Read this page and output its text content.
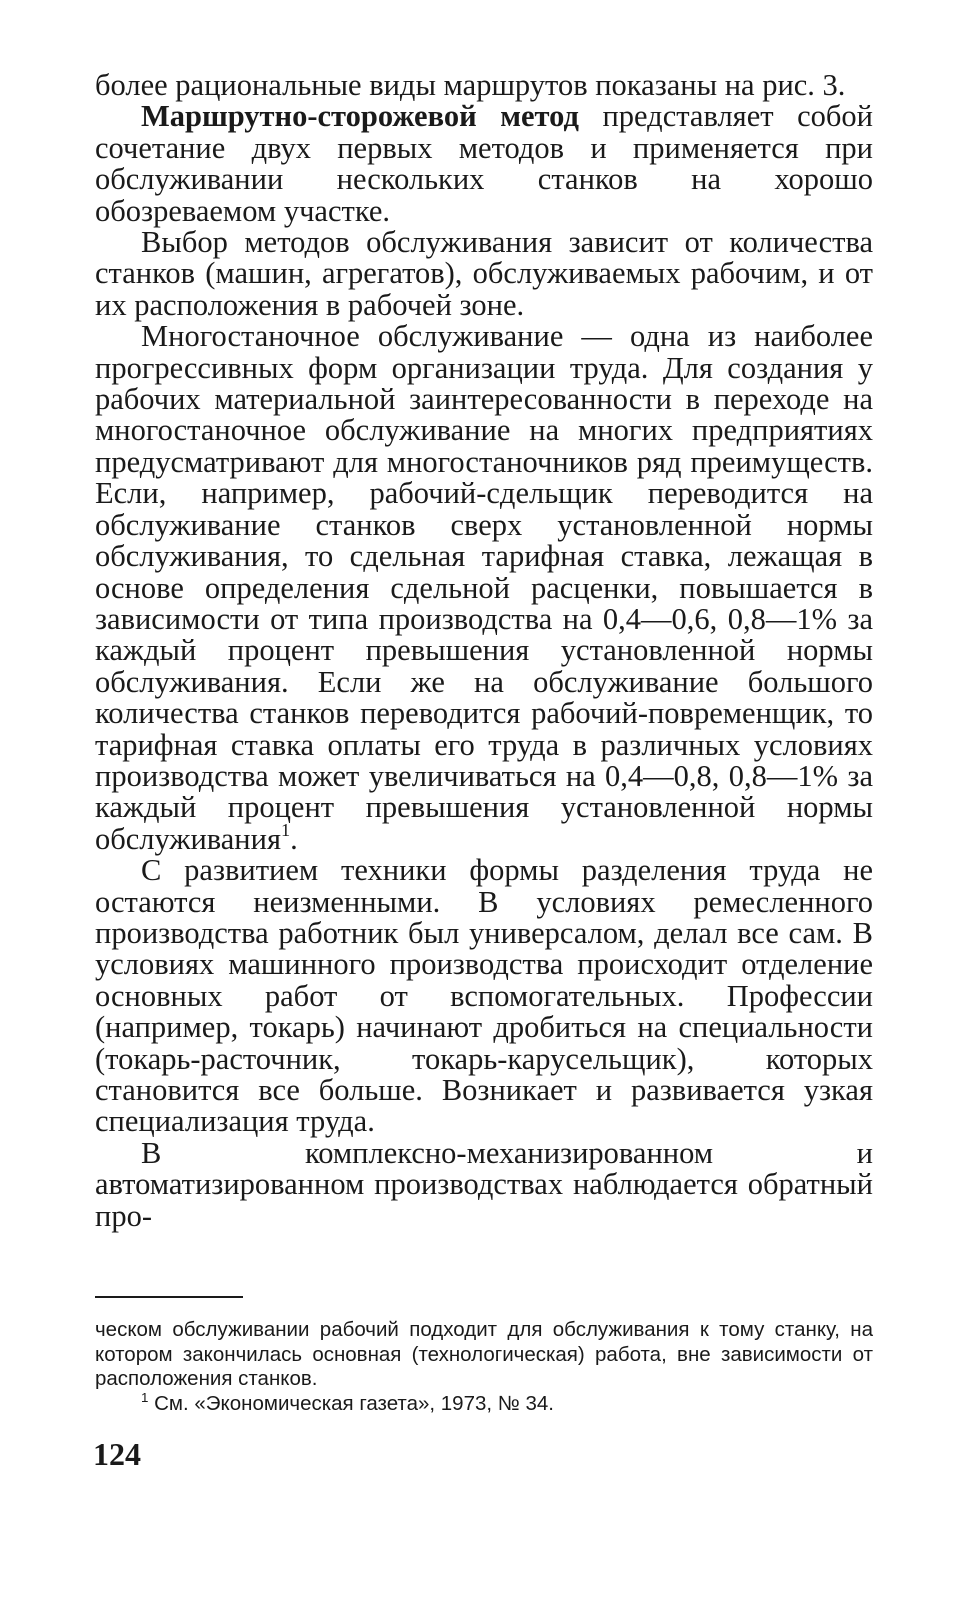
более рациональные виды маршрутов показаны на рис. 3.

Маршрутно-сторожевой метод представляет собой сочетание двух первых методов и применяется при обслуживании нескольких станков на хорошо обозреваемом участке.

Выбор методов обслуживания зависит от количества станков (машин, агрегатов), обслуживаемых рабочим, и от их расположения в рабочей зоне.

Многостаночное обслуживание — одна из наиболее прогрессивных форм организации труда. Для создания у рабочих материальной заинтересованности в переходе на многостаночное обслуживание на многих предприятиях предусматривают для многостаночников ряд преимуществ. Если, например, рабочий-сдельщик переводится на обслуживание станков сверх установленной нормы обслуживания, то сдельная тарифная ставка, лежащая в основе определения сдельной расценки, повышается в зависимости от типа производства на 0,4—0,6, 0,8—1% за каждый процент превышения установленной нормы обслуживания. Если же на обслуживание большого количества станков переводится рабочий-повременщик, то тарифная ставка оплаты его труда в различных условиях производства может увеличиваться на 0,4—0,8, 0,8—1% за каждый процент превышения установленной нормы обслуживания$^1$.

С развитием техники формы разделения труда не остаются неизменными. В условиях ремесленного производства работник был универсалом, делал все сам. В условиях машинного производства происходит отделение основных работ от вспомогательных. Профессии (например, токарь) начинают дробиться на специальности (токарь-расточник, токарь-карусельщик), которых становится все больше. Возникает и развивается узкая специализация труда.

В комплексно-механизированном и автоматизированном производствах наблюдается обратный про-

ческом обслуживании рабочий подходит для обслуживания к тому станку, на котором закончилась основная (технологическая) работа, вне зависимости от расположения станков.

$^1$ См. «Экономическая газета», 1973, № 34.

124
